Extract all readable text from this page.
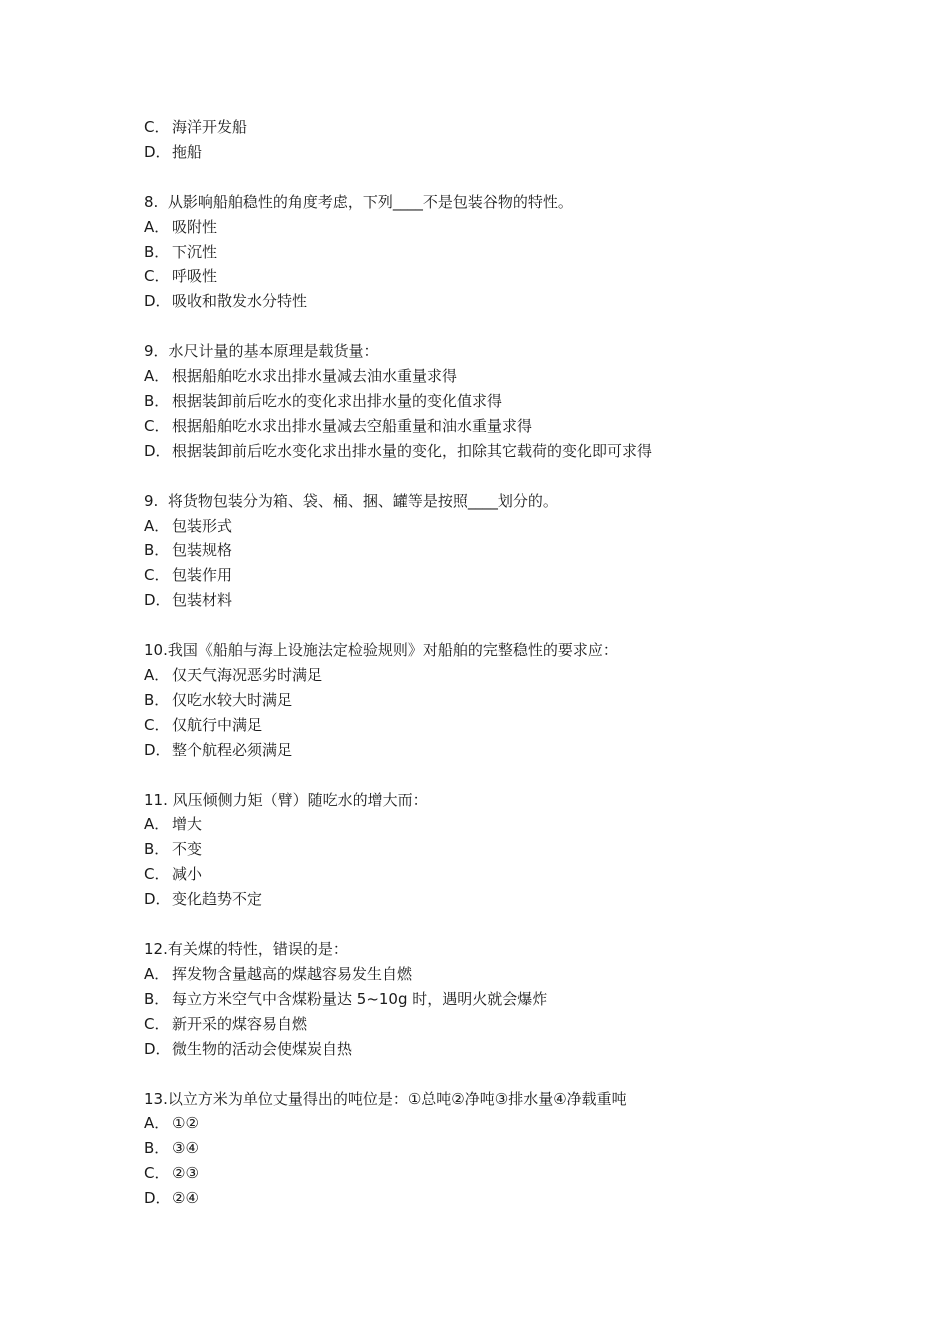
C． 海洋开发船
D．拖船
8.  从影响船舶稳性的角度考虑，下列____不是包装谷物的特性。
A． 吸附性
B． 下沉性
C． 呼吸性
D．吸收和散发水分特性
9．水尺计量的基本原理是载货量：
A． 根据船舶吃水求出排水量减去油水重量求得
B． 根据装卸前后吃水的变化求出排水量的变化值求得
C． 根据船舶吃水求出排水量减去空船重量和油水重量求得
D．根据装卸前后吃水变化求出排水量的变化，扣除其它载荷的变化即可求得
9.  将货物包装分为箱、袋、桶、捆、罐等是按照____划分的。
A． 包装形式
B． 包装规格
C． 包装作用
D．包装材料
10.我国《船舶与海上设施法定检验规则》对船舶的完整稳性的要求应：
A． 仅天气海况恶劣时满足
B． 仅吃水较大时满足
C． 仅航行中满足
D．整个航程必须满足
11. 风压倾侧力矩（臂）随吃水的增大而：
A． 增大
B． 不变
C． 减小
D．变化趋势不定
12.有关煤的特性，错误的是：
A． 挥发物含量越高的煤越容易发生自燃
B． 每立方米空气中含煤粉量达 5~10g 时，遇明火就会爆炸
C． 新开采的煤容易自燃
D．微生物的活动会使煤炭自热
13.以立方米为单位丈量得出的吨位是：①总吨②净吨③排水量④净载重吨
A． ①②
B． ③④
C． ②③
D．②④
